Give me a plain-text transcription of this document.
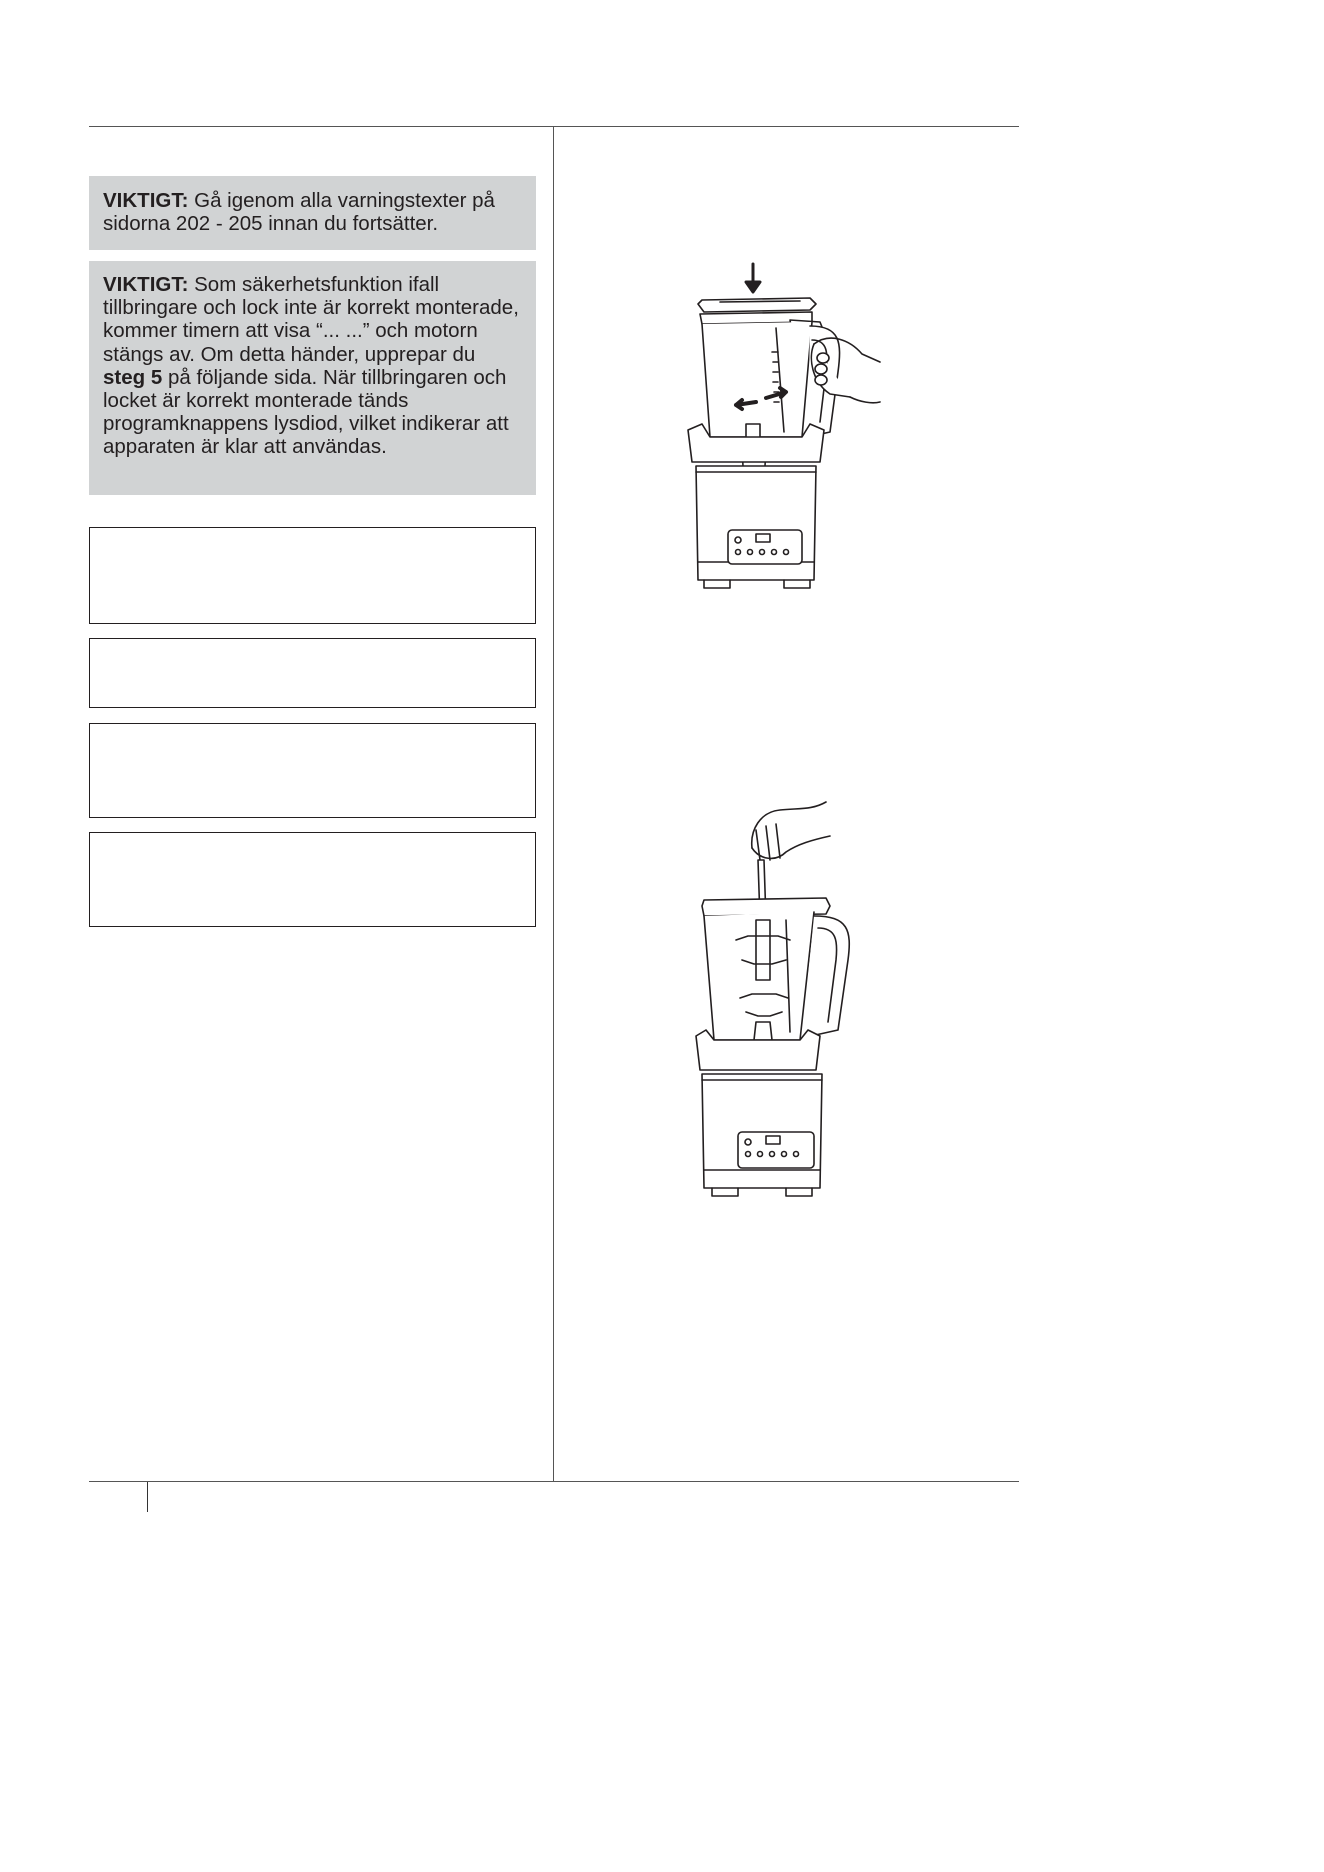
VIKTIGT: Gå igenom alla varningstexter på sidorna 202 - 205 innan du fortsätter.
VIKTIGT: Som säkerhetsfunktion ifall tillbringare och lock inte är korrekt monterade, kommer timern att visa “... ...” och motorn stängs av. Om detta händer, upprepar du steg 5 på följande sida. När tillbringaren och locket är korrekt monterade tänds programknappens lysdiod, vilket indikerar att apparaten är klar att användas.
